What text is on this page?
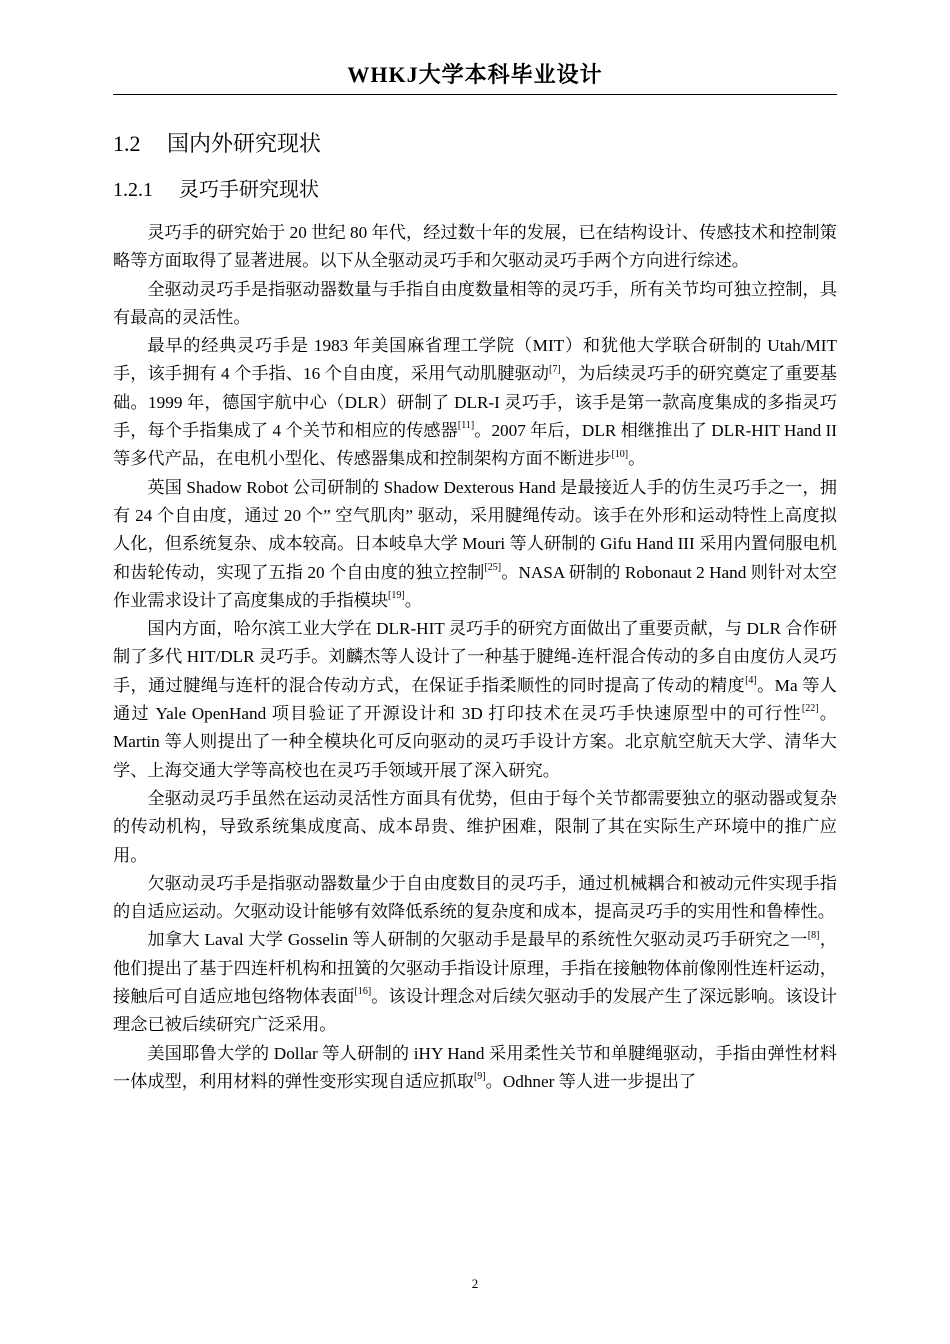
WHKJ大学本科毕业设计
1.2 国内外研究现状
1.2.1 灵巧手研究现状

灵巧手的研究始于 20 世纪 80 年代，经过数十年的发展，已在结构设计、传感技术和控制策略等方面取得了显著进展。以下从全驱动灵巧手和欠驱动灵巧手两个方向进行综述。

全驱动灵巧手是指驱动器数量与手指自由度数量相等的灵巧手，所有关节均可独立控制，具有最高的灵活性。

最早的经典灵巧手是 1983 年美国麻省理工学院（MIT）和犹他大学联合研制的 Utah/MIT 手，该手拥有 4 个手指、16 个自由度，采用气动肌腱驱动[7]，为后续灵巧手的研究奠定了重要基础。1999 年，德国宇航中心（DLR）研制了 DLR-I 灵巧手，该手是第一款高度集成的多指灵巧手，每个手指集成了 4 个关节和相应的传感器[11]。2007 年后，DLR 相继推出了 DLR-HIT Hand II 等多代产品，在电机小型化、传感器集成和控制架构方面不断进步[10]。

英国 Shadow Robot 公司研制的 Shadow Dexterous Hand 是最接近人手的仿生灵巧手之一，拥有 24 个自由度，通过 20 个” 空气肌肉” 驱动，采用腱绳传动。该手在外形和运动特性上高度拟人化，但系统复杂、成本较高。日本岐阜大学 Mouri 等人研制的 Gifu Hand III 采用内置伺服电机和齿轮传动，实现了五指 20 个自由度的独立控制[25]。NASA 研制的 Robonaut 2 Hand 则针对太空作业需求设计了高度集成的手指模块[19]。

国内方面，哈尔滨工业大学在 DLR-HIT 灵巧手的研究方面做出了重要贡献，与 DLR 合作研制了多代 HIT/DLR 灵巧手。刘麟杰等人设计了一种基于腱绳-连杆混合传动的多自由度仿人灵巧手，通过腱绳与连杆的混合传动方式，在保证手指柔顺性的同时提高了传动的精度[4]。Ma 等人通过 Yale OpenHand 项目验证了开源设计和 3D 打印技术在灵巧手快速原型中的可行性[22]。Martin 等人则提出了一种全模块化可反向驱动的灵巧手设计方案。北京航空航天大学、清华大学、上海交通大学等高校也在灵巧手领域开展了深入研究。

全驱动灵巧手虽然在运动灵活性方面具有优势，但由于每个关节都需要独立的驱动器或复杂的传动机构，导致系统集成度高、成本昂贵、维护困难，限制了其在实际生产环境中的推广应用。

欠驱动灵巧手是指驱动器数量少于自由度数目的灵巧手，通过机械耦合和被动元件实现手指的自适应运动。欠驱动设计能够有效降低系统的复杂度和成本，提高灵巧手的实用性和鲁棒性。

加拿大 Laval 大学 Gosselin 等人研制的欠驱动手是最早的系统性欠驱动灵巧手研究之一[8]，他们提出了基于四连杆机构和扭簧的欠驱动手指设计原理，手指在接触物体前像刚性连杆运动，接触后可自适应地包络物体表面[16]。该设计理念对后续欠驱动手的发展产生了深远影响。该设计理念已被后续研究广泛采用。

美国耶鲁大学的 Dollar 等人研制的 iHY Hand 采用柔性关节和单腱绳驱动，手指由弹性材料一体成型，利用材料的弹性变形实现自适应抓取[9]。Odhner 等人进一步提出了

2
